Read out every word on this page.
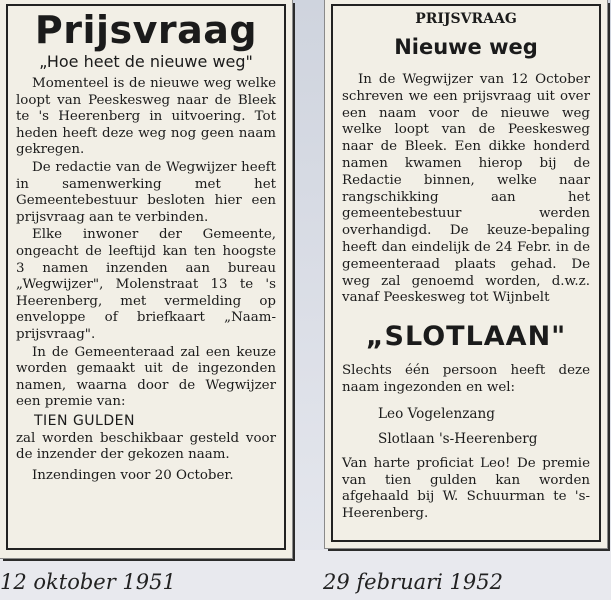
Prijsvraag
„Hoe heet de nieuwe weg"

Momenteel is de nieuwe weg welke loopt van Peeskesweg naar de Bleek te 's Heerenberg in uitvoering. Tot heden heeft deze weg nog geen naam gekregen.

De redactie van de Wegwijzer heeft in samenwerking met het Gemeentebestuur besloten hier een prijsvraag aan te verbinden.

Elke inwoner der Gemeente, ongeacht de leeftijd kan ten hoogste 3 namen inzenden aan bureau „Wegwijzer", Molenstraat 13 te 's Heerenberg, met vermelding op enveloppe of briefkaart „Naam-prijsvraag".

In de Gemeenteraad zal een keuze worden gemaakt uit de ingezonden namen, waarna door de Wegwijzer een premie van:

TIEN GULDEN

zal worden beschikbaar gesteld voor de inzender der gekozen naam.

Inzendingen voor 20 October.

PRIJSVRAAG
Nieuwe weg

In de Wegwijzer van 12 October schreven we een prijsvraag uit over een naam voor de nieuwe weg welke loopt van de Peeskesweg naar de Bleek. Een dikke honderd namen kwamen hierop bij de Redactie binnen, welke naar rangschikking aan het gemeentebestuur werden overhandigd. De keuze-bepaling heeft dan eindelijk de 24 Febr. in de gemeenteraad plaats gehad. De weg zal genoemd worden, d.w.z. vanaf Peeskesweg tot Wijnbelt

„SLOTLAAN"

Slechts één persoon heeft deze naam ingezonden en wel:

Leo Vogelenzang
Slotlaan 's-Heerenberg

Van harte proficiat Leo! De premie van tien gulden kan worden afgehaald bij W. Schuurman te 's-Heerenberg.

12 oktober 1951	29 februari 1952
